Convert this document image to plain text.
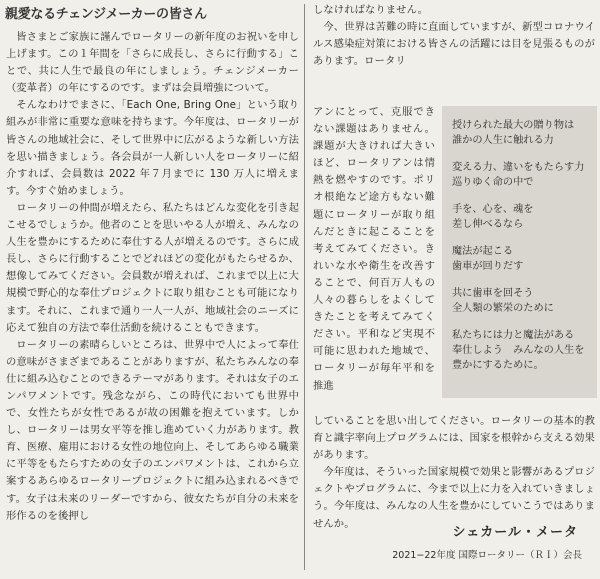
親愛なるチェンジメーカーの皆さん

皆さまとご家族に謹んでロータリーの新年度のお祝いを申し上げます。この１年間を「さらに成長し、さらに行動する」ことで、共に人生で最良の年にしましょう。チェンジメーカー（変革者）の年にするのです。まずは会員増強について。

そんなわけでまさに、「Each One, Bring One」という取り組みが非常に重要な意味を持ちます。今年度は、ロータリーが皆さんの地域社会に、そして世界中に広がるような新しい方法を思い描きましょう。各会員が一人新しい人をロータリーに紹介すれば、会員数は 2022 年７月までに 130 万人に増えます。今すぐ始めましょう。

ロータリーの仲間が増えたら、私たちはどんな変化を引き起こせるでしょうか。他者のことを思いやる人が増え、みんなの人生を豊かにするために奉仕する人が増えるのです。さらに成長し、さらに行動することでどれほどの変化がもたらせるか、想像してみてください。会員数が増えれば、これまで以上に大規模で野心的な奉仕プロジェクトに取り組むことも可能になります。それに、これまで通り一人一人が、地域社会のニーズに応えて独自の方法で奉仕活動を続けることもできます。

ロータリーの素晴らしいところは、世界中で人によって奉仕の意味がさまざまであることがありますが、私たちみんなの奉仕に組み込むことのできるテーマがあります。それは女子のエンパワメントです。残念ながら、この時代においても世界中で、女性たちが女性であるが故の困難を抱えています。しかし、ロータリーは男女平等を推し進めていく力があります。教育、医療、雇用における女性の地位向上、そしてあらゆる職業に平等をもたらすための女子のエンパワメントは、これから立案するあらゆるロータリープロジェクトに組み込まれるべきです。女子は未来のリーダーですから、彼女たちが自分の未来を形作るのを後押し

しなければなりません。

今、世界は苦難の時に直面していますが、新型コロナウイルス感染症対策における皆さんの活躍には目を見張るものがあります。ロータリ

アンにとって、克服できない課題はありません。課題が大きければ大きいほど、ロータリアンは情熱を燃やすのです。ポリオ根絶など途方もない難題にロータリーが取り組んだときに起こることを考えてみてください。きれいな水や衛生を改善することで、何百万人もの人々の暮らしをよくしてきたことを考えてみてください。平和など実現不可能に思われた地域で、ロータリーが毎年平和を推進

授けられた最大の贈り物は
誰かの人生に触れる力
変える力、違いをもたらす力
巡りゆく命の中で
手を、心を、魂を
差し伸べるなら
魔法が起こる
歯車が回りだす
共に歯車を回そう
全人類の繁栄のために
私たちには力と魔法がある
奉仕しよう　みんなの人生を
豊かにするために。

していることを思い出してください。ロータリーの基本的教育と識字率向上プログラムには、国家を根幹から支える効果があります。

今年度は、そういった国家規模で効果と影響があるプロジェクトやプログラムに、今まで以上に力を入れていきましょう。今年度は、みんなの人生を豊かにしていこうではありませんか。

シェカール・メータ
2021−22年度 国際ロータリー（ＲＩ）会長
